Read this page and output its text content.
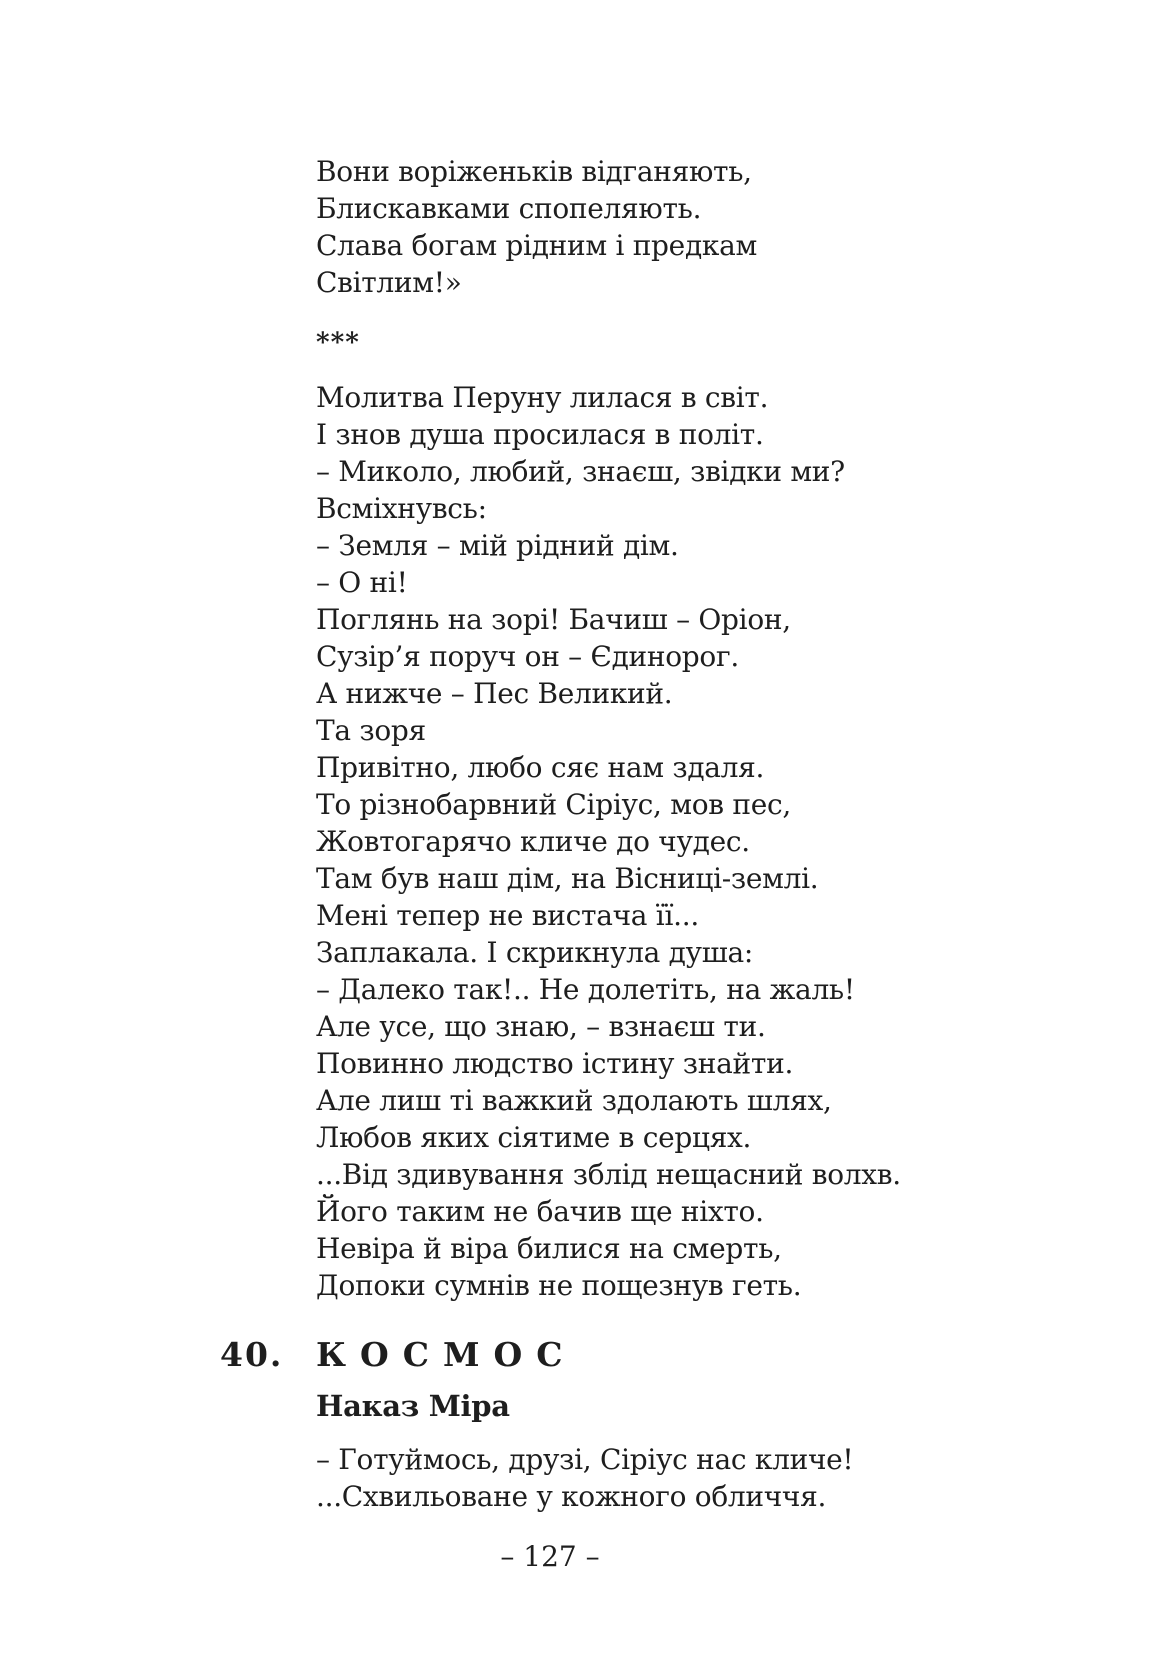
Вони воріженьків відганяють,
Блискавками спопеляють.
Слава богам рідним і предкам
Світлим!»
***
Молитва Перуну лилася в світ.
І знов душа просилася в політ.
– Миколо, любий, знаєш, звідки ми?
Всміхнувсь:
– Земля – мій рідний дім.
– О ні!
Поглянь на зорі! Бачиш – Оріон,
Сузір’я поруч он – Єдинорог.
А нижче – Пес Великий.
Та зоря
Привітно, любо сяє нам здаля.
То різнобарвний Сіріус, мов пес,
Жовтогарячо кличе до чудес.
Там був наш дім, на Вісниці-землі.
Мені тепер не вистача її...
Заплакала. І скрикнула душа:
– Далеко так!.. Не долетіть, на жаль!
Але усе, що знаю, – взнаєш ти.
Повинно людство істину знайти.
Але лиш ті важкий здолають шлях,
Любов яких сіятиме в серцях.
...Від здивування зблід нещасний волхв.
Його таким не бачив ще ніхто.
Невіра й віра билися на смерть,
Допоки сумнів не пощезнув геть.
40. КОСМОС
Наказ Міра
– Готуймось, друзі, Сіріус нас кличе!
...Схвильоване у кожного обличчя.
– 127 –
